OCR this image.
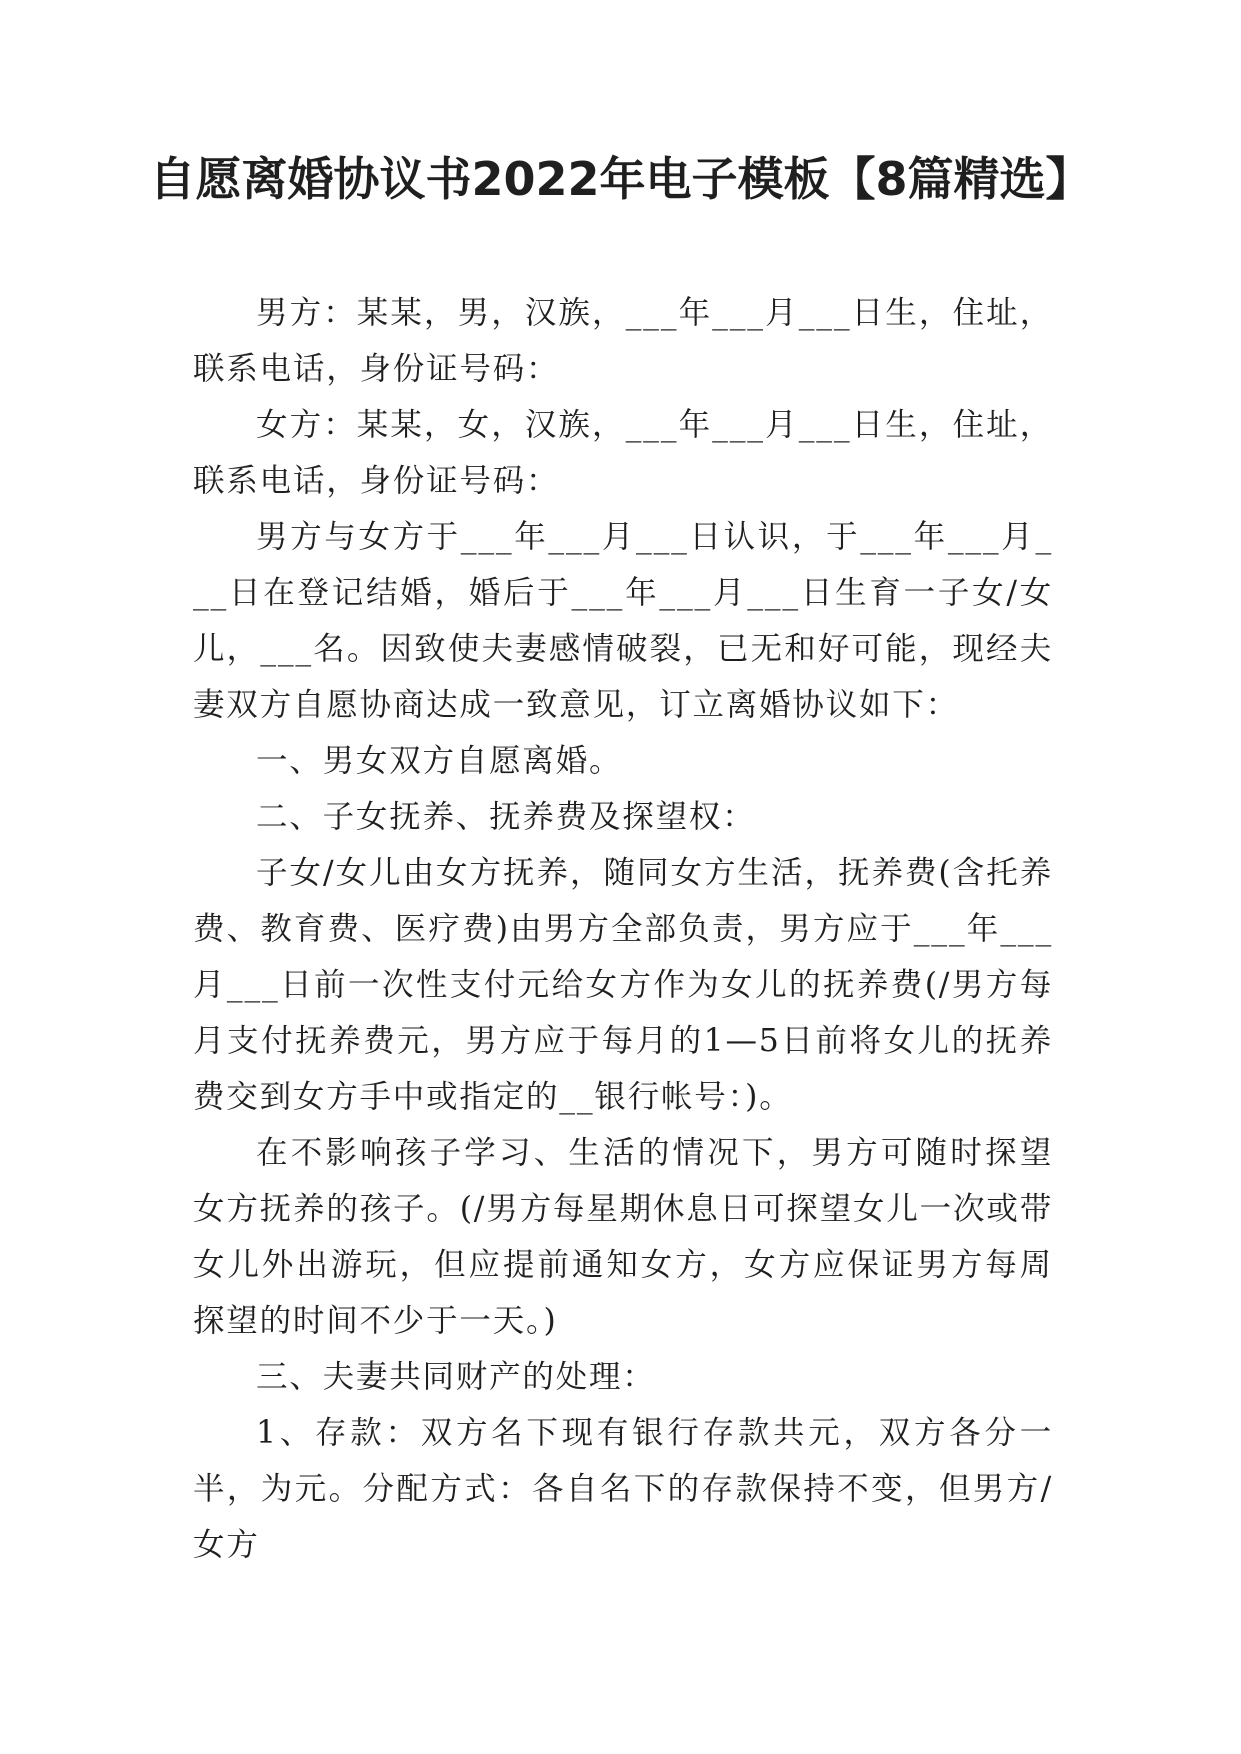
自愿离婚协议书2022年电子模板【8篇精选】

男方：某某，男，汉族，___年___月___日生，住址，联系电话，身份证号码：

女方：某某，女，汉族，___年___月___日生，住址，联系电话，身份证号码：

男方与女方于___年___月___日认识，于___年___月___日在登记结婚，婚后于___年___月___日生育一子女/女儿，___名。因致使夫妻感情破裂，已无和好可能，现经夫妻双方自愿协商达成一致意见，订立离婚协议如下：

一、男女双方自愿离婚。

二、子女抚养、抚养费及探望权：

子女/女儿由女方抚养，随同女方生活，抚养费(含托养费、教育费、医疗费)由男方全部负责，男方应于___年___月___日前一次性支付元给女方作为女儿的抚养费(/男方每月支付抚养费元，男方应于每月的1—5日前将女儿的抚养费交到女方手中或指定的__银行帐号：)。

在不影响孩子学习、生活的情况下，男方可随时探望女方抚养的孩子。(/男方每星期休息日可探望女儿一次或带女儿外出游玩，但应提前通知女方，女方应保证男方每周探望的时间不少于一天。)

三、夫妻共同财产的处理：

1、存款：双方名下现有银行存款共元，双方各分一半，为元。分配方式：各自名下的存款保持不变，但男方/女方
